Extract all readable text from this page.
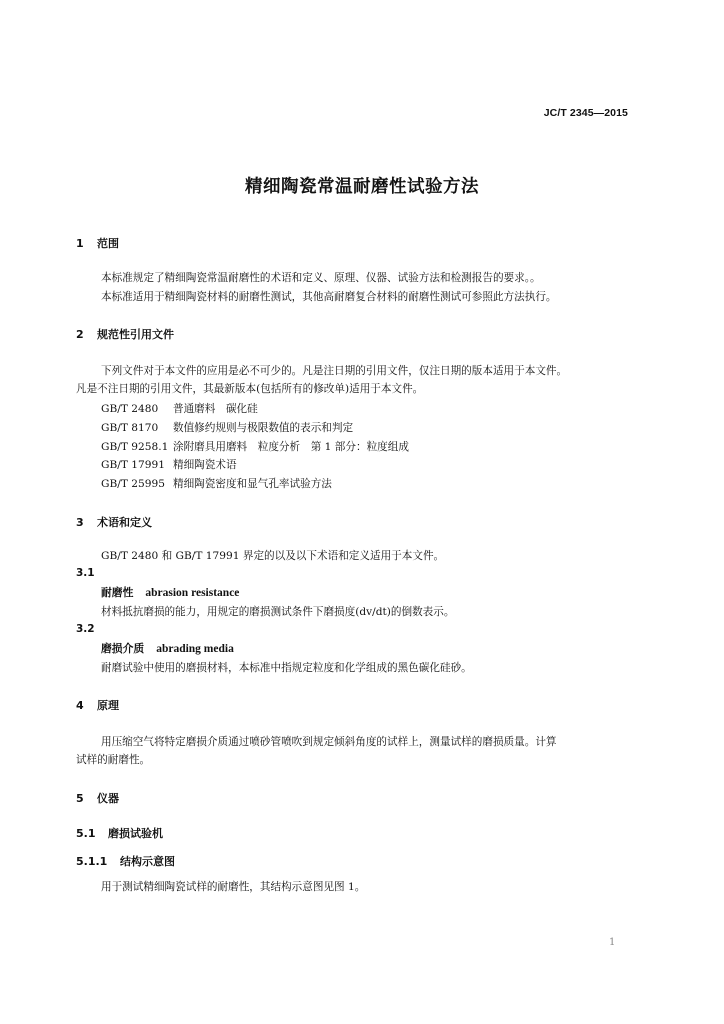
JC/T 2345—2015
精细陶瓷常温耐磨性试验方法
1 范围
本标准规定了精细陶瓷常温耐磨性的术语和定义、原理、仪器、试验方法和检测报告的要求。。
本标准适用于精细陶瓷材料的耐磨性测试，其他高耐磨复合材料的耐磨性测试可参照此方法执行。
2 规范性引用文件
下列文件对于本文件的应用是必不可少的。凡是注日期的引用文件，仅注日期的版本适用于本文件。
凡是不注日期的引用文件，其最新版本(包括所有的修改单)适用于本文件。
GB/T 2480 普通磨料　碳化硅
GB/T 8170 数值修约规则与极限数值的表示和判定
GB/T 9258.1 涂附磨具用磨料　粒度分析　第 1 部分：粒度组成
GB/T 17991 精细陶瓷术语
GB/T 25995 精细陶瓷密度和显气孔率试验方法
3 术语和定义
GB/T 2480 和 GB/T 17991 界定的以及以下术语和定义适用于本文件。
3.1
耐磨性 abrasion resistance
材料抵抗磨损的能力，用规定的磨损测试条件下磨损度(dv/dt)的倒数表示。
3.2
磨损介质 abrading media
耐磨试验中使用的磨损材料，本标准中指规定粒度和化学组成的黑色碳化硅砂。
4 原理
用压缩空气将特定磨损介质通过喷砂管喷吹到规定倾斜角度的试样上，测量试样的磨损质量。计算
试样的耐磨性。
5 仪器
5.1 磨损试验机
5.1.1 结构示意图
用于测试精细陶瓷试样的耐磨性，其结构示意图见图 1。
1
